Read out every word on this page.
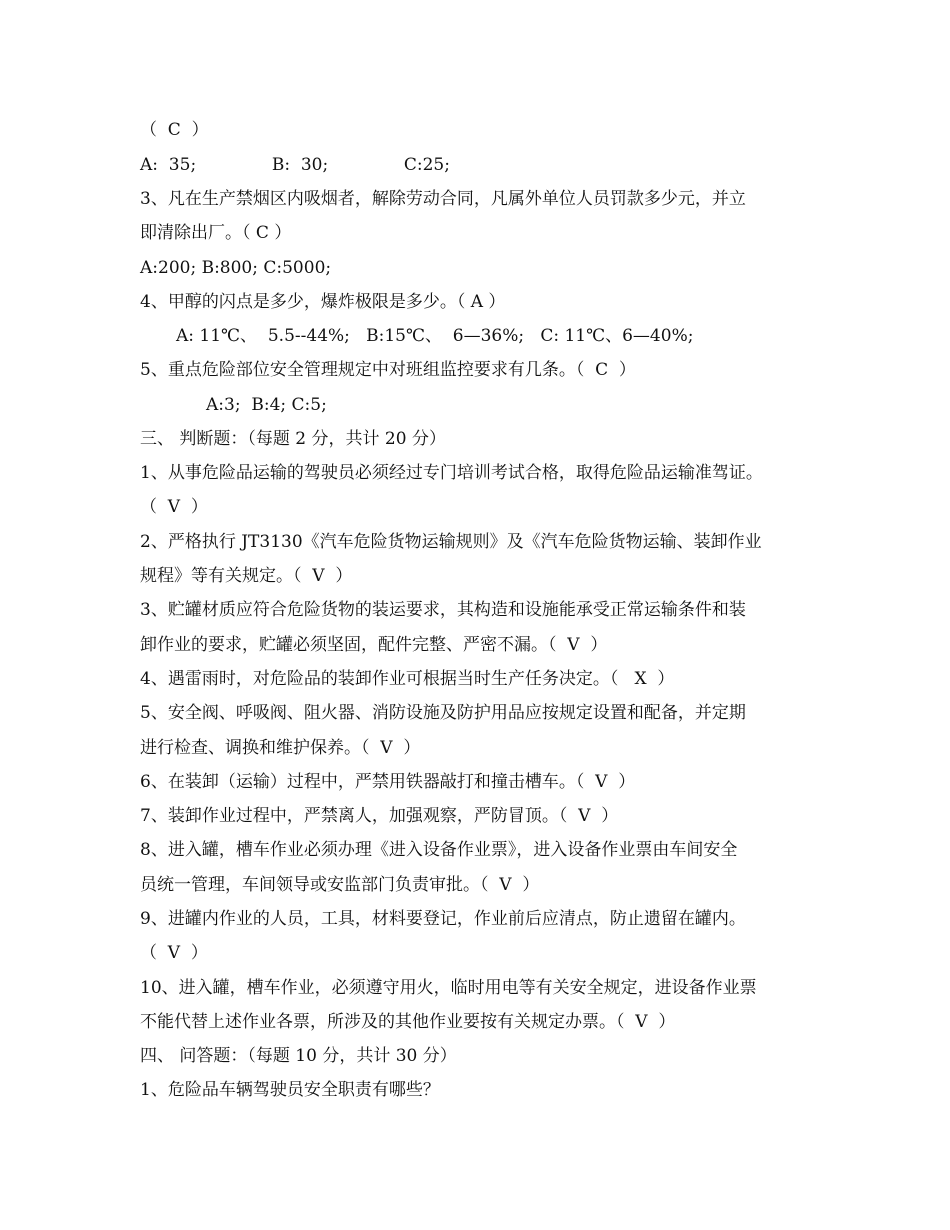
（  C  ）
A:  35;              B:  30;              C:25;
3、凡在生产禁烟区内吸烟者，解除劳动合同，凡属外单位人员罚款多少元，并立
即清除出厂。（ C ）
A:200; B:800; C:5000;
4、甲醇的闪点是多少，爆炸极限是多少。（ A ）
A: 11℃、  5.5--44%;   B:15℃、  6—36%;   C: 11℃、6—40%;
5、重点危险部位安全管理规定中对班组监控要求有几条。（  C  ）
A:3;  B:4; C:5;
三、 判断题：（每题 2 分，共计 20 分）
1、从事危险品运输的驾驶员必须经过专门培训考试合格，取得危险品运输准驾证。
（  V  ）
2、严格执行 JT3130《汽车危险货物运输规则》及《汽车危险货物运输、装卸作业
规程》等有关规定。（  V  ）
3、贮罐材质应符合危险货物的装运要求，其构造和设施能承受正常运输条件和装
卸作业的要求，贮罐必须坚固，配件完整、严密不漏。（  V  ）
4、遇雷雨时，对危险品的装卸作业可根据当时生产任务决定。（   X  ）
5、安全阀、呼吸阀、阻火器、消防设施及防护用品应按规定设置和配备，并定期
进行检查、调换和维护保养。（  V  ）
6、在装卸（运输）过程中，严禁用铁器敲打和撞击槽车。（  V  ）
7、装卸作业过程中，严禁离人，加强观察，严防冒顶。（  V  ）
8、进入罐，槽车作业必须办理《进入设备作业票》，进入设备作业票由车间安全
员统一管理，车间领导或安监部门负责审批。（  V  ）
9、进罐内作业的人员，工具，材料要登记，作业前后应清点，防止遗留在罐内。
（  V  ）
10、进入罐，槽车作业，必须遵守用火，临时用电等有关安全规定，进设备作业票
不能代替上述作业各票，所涉及的其他作业要按有关规定办票。（  V  ）
四、 问答题：（每题 10 分，共计 30 分）
1、危险品车辆驾驶员安全职责有哪些？
